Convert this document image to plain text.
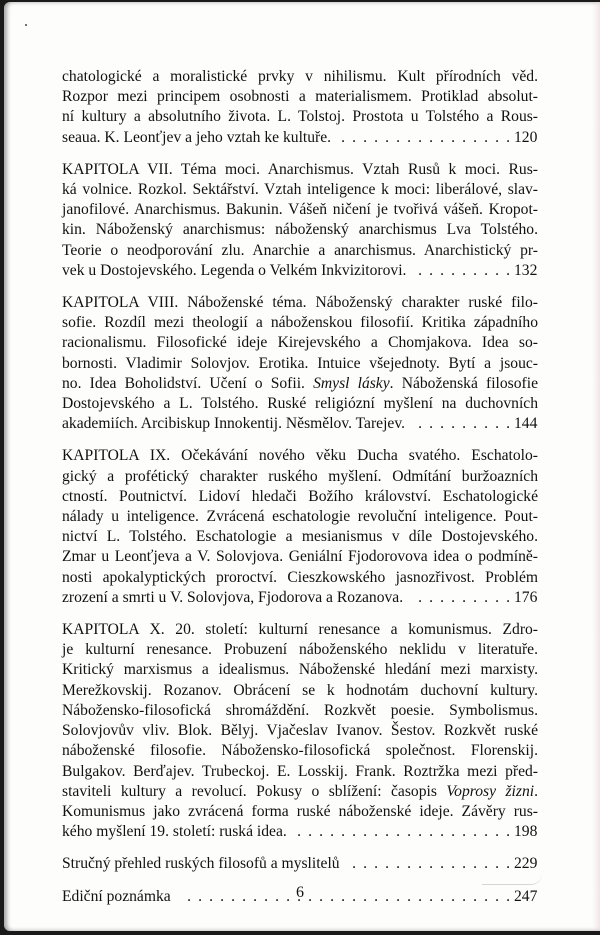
chatologické a moralistické prvky v nihilismu. Kult přírodních věd.
Rozpor mezi principem osobnosti a materialismem. Protiklad absolut-
ní kultury a absolutního života. L. Tolstoj. Prostota u Tolstého a Rous-
seaua. K. Leonťjev a jeho vztah ke kultuře. . . .	120

KAPITOLA VII. Téma moci. Anarchismus. Vztah Rusů k moci. Rus-
ká volnice. Rozkol. Sektářství. Vztah inteligence k moci: liberálové, slav-
janofilové. Anarchismus. Bakunin. Vášeň ničení je tvořivá vášeň. Kropot-
kin. Náboženský anarchismus: náboženský anarchismus Lva Tolstého.
Teorie o neodporování zlu. Anarchie a anarchismus. Anarchistický pr-
vek u Dostojevského. Legenda o Velkém Inkvizitorovi. . . .	132

KAPITOLA VIII. Náboženské téma. Náboženský charakter ruské filo-
sofie. Rozdíl mezi theologií a náboženskou filosofií. Kritika západního
racionalismu. Filosofické ideje Kirejevského a Chomjakova. Idea so-
bornosti. Vladimir Solovjov. Erotika. Intuice všejednoty. Bytí a jsouc-
no. Idea Boholidství. Učení o Sofii. Smysl lásky. Náboženská filosofie
Dostojevského a L. Tolstého. Ruské religiózní myšlení na duchovních
akademiích. Arcibiskup Innokentij. Něsmělov. Tarejev. . . .	144

KAPITOLA IX. Očekávání nového věku Ducha svatého. Eschatolo-
gický a profétický charakter ruského myšlení. Odmítání buržoazních
ctností. Poutnictví. Lidoví hledači Božího království. Eschatologické
nálady u inteligence. Zvrácená eschatologie revoluční inteligence. Pout-
nictví L. Tolstého. Eschatologie a mesianismus v díle Dostojevského.
Zmar u Leonťjeva a V. Solovjova. Geniální Fjodorovova idea o podmíně-
nosti apokalyptických proroctví. Cieszkowského jasnozřivost. Problém
zrození a smrti u V. Solovjova, Fjodorova a Rozanova. . . .	176

KAPITOLA X. 20. století: kulturní renesance a komunismus. Zdro-
je kulturní renesance. Probuzení náboženského neklidu v literatuře.
Kritický marxismus a idealismus. Náboženské hledání mezi marxisty.
Merežkovskij. Rozanov. Obrácení se k hodnotám duchovní kultury.
Nábožensko-filosofická shromáždění. Rozkvět poesie. Symbolismus.
Solovjovův vliv. Blok. Bělyj. Vjačeslav Ivanov. Šestov. Rozkvět ruské
náboženské filosofie. Nábožensko-filosofická společnost. Florenskij.
Bulgakov. Berďajev. Trubeckoj. E. Losskij. Frank. Roztržka mezi před-
staviteli kultury a revolucí. Pokusy o sblížení: časopis Voprosy žizni.
Komunismus jako zvrácená forma ruské náboženské ideje. Závěry rus-
kého myšlení 19. století: ruská idea. . . .	198

Stručný přehled ruských filosofů a myslitelů . . .	229

Ediční poznámka . . .	247

6
